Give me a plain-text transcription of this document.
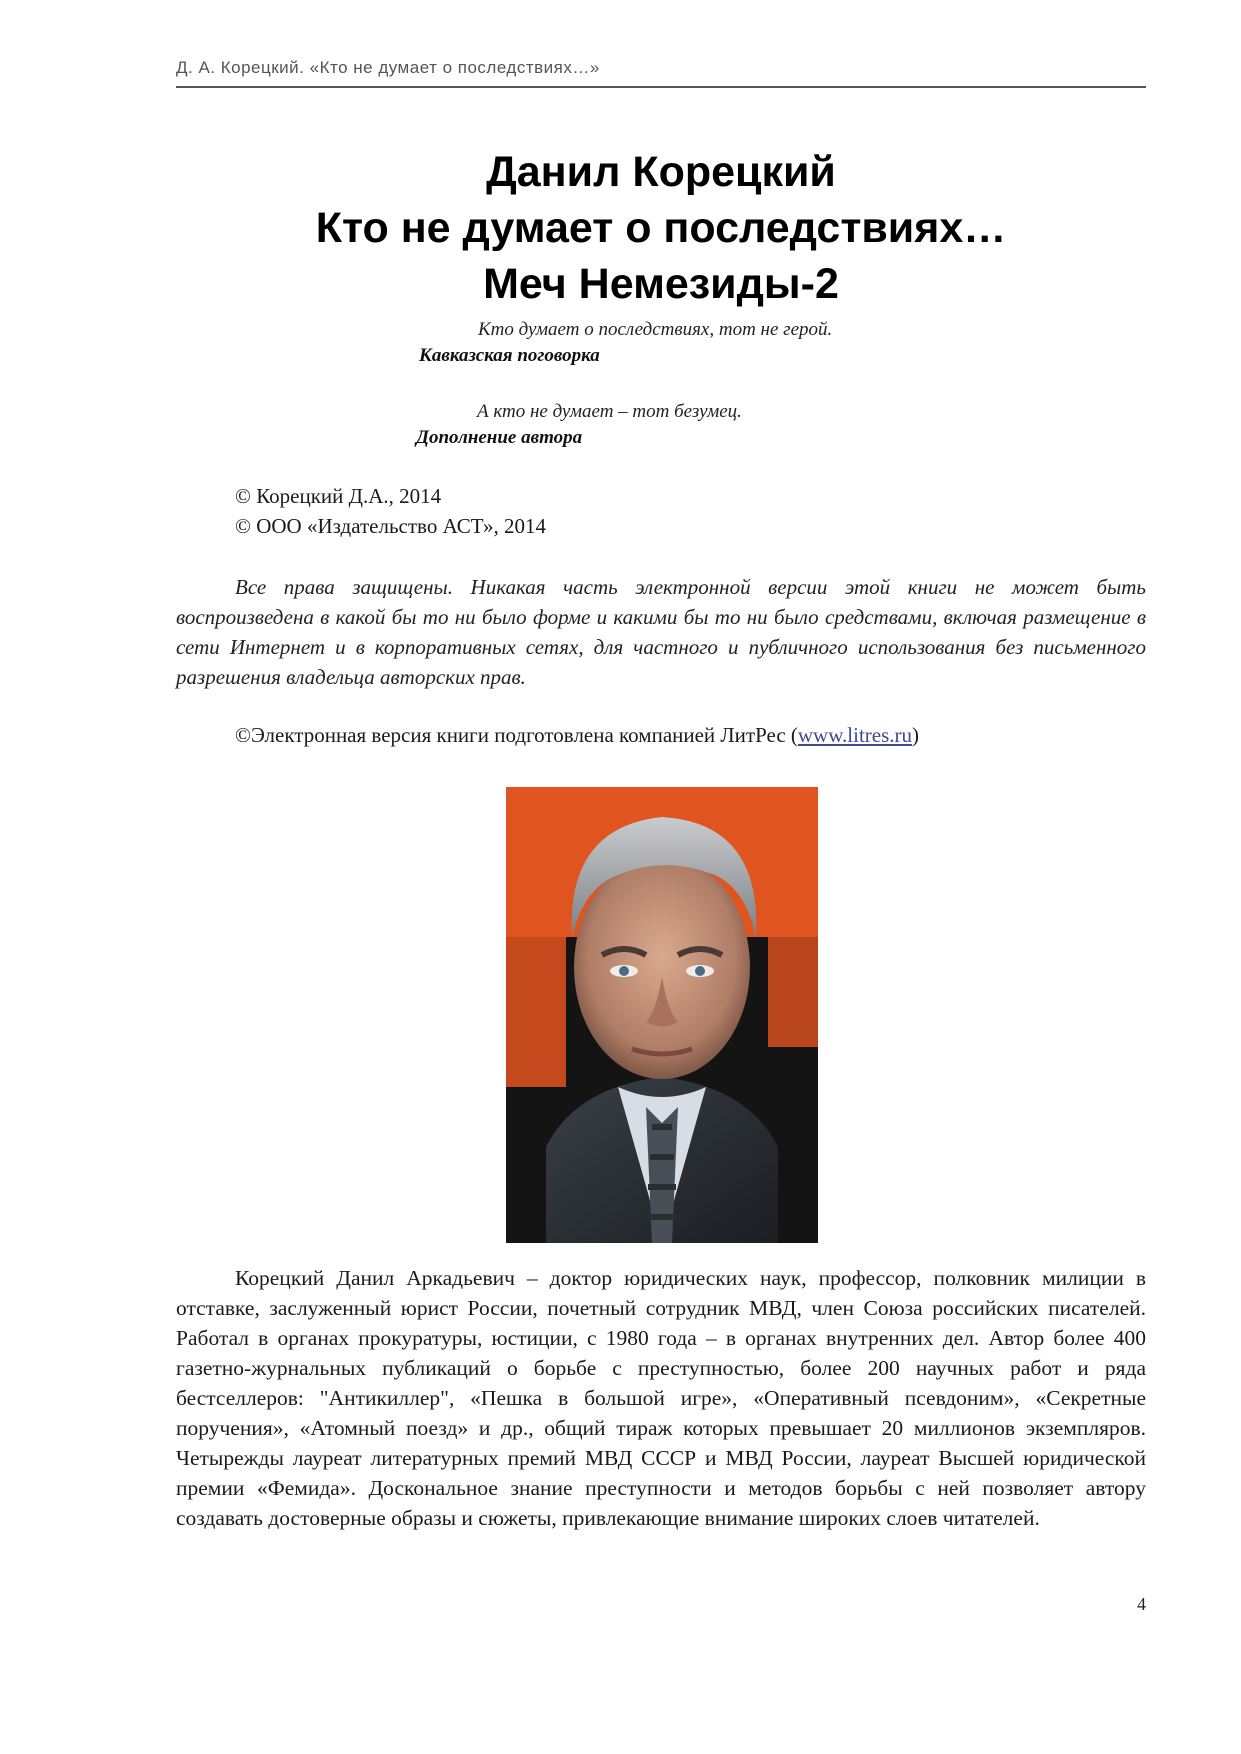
Д. А. Корецкий. «Кто не думает о последствиях…»
Данил Корецкий
Кто не думает о последствиях…
Меч Немезиды-2
Кто думает о последствиях, тот не герой.
Кавказская поговорка
А кто не думает – тот безумец.
Дополнение автора
© Корецкий Д.А., 2014
© ООО «Издательство АСТ», 2014
Все права защищены. Никакая часть электронной версии этой книги не может быть воспроизведена в какой бы то ни было форме и какими бы то ни было средствами, включая размещение в сети Интернет и в корпоративных сетях, для частного и публичного использования без письменного разрешения владельца авторских прав.
©Электронная версия книги подготовлена компанией ЛитРес (www.litres.ru)
Корецкий Данил Аркадьевич – доктор юридических наук, профессор, полковник милиции в отставке, заслуженный юрист России, почетный сотрудник МВД, член Союза российских писателей. Работал в органах прокуратуры, юстиции, с 1980 года – в органах внутренних дел. Автор более 400 газетно-журнальных публикаций о борьбе с преступностью, более 200 научных работ и ряда бестселлеров: "Антикиллер", «Пешка в большой игре», «Оперативный псевдоним», «Секретные поручения», «Атомный поезд» и др., общий тираж которых превышает 20 миллионов экземпляров. Четырежды лауреат литературных премий МВД СССР и МВД России, лауреат Высшей юридической премии «Фемида». Доскональное знание преступности и методов борьбы с ней позволяет автору создавать достоверные образы и сюжеты, привлекающие внимание широких слоев читателей.
4
